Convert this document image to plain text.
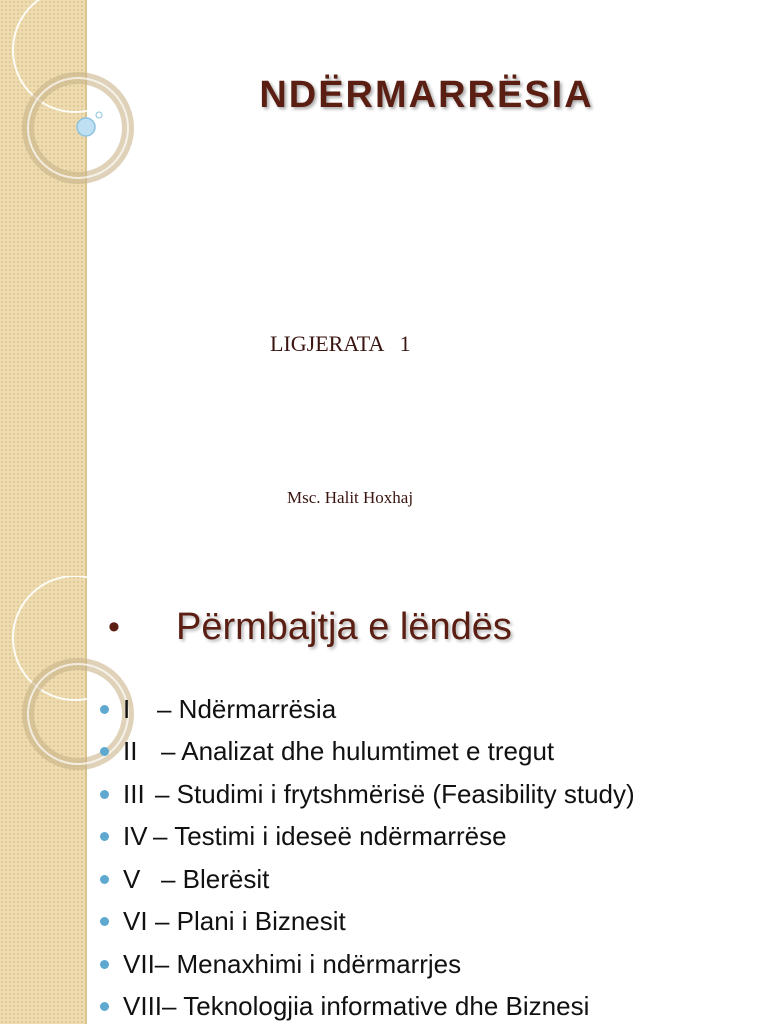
NDËRMARRËSIA

LIGJERATA   1

Msc. Halit Hoxhaj

•	Përmbajtja e lëndës
I	– Ndërmarrësia
II – Analizat dhe hulumtimet e tregut
III – Studimi i frytshmërisë (Feasibility study)
IV – Testimi i ideseë ndërmarrëse
V – Blerësit
VI – Plani i Biznesit
VII – Menaxhimi i ndërmarrjes
VIII – Teknologjia informative dhe Biznesi
